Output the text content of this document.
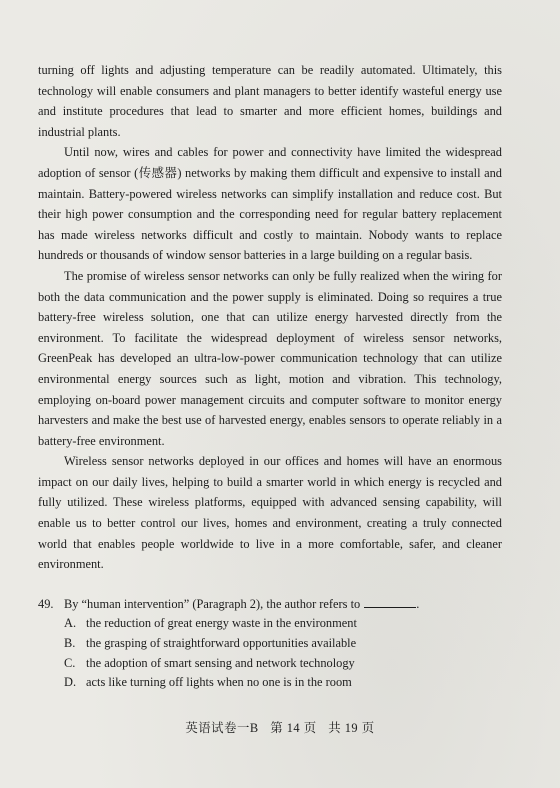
turning off lights and adjusting temperature can be readily automated. Ultimately, this technology will enable consumers and plant managers to better identify wasteful energy use and institute procedures that lead to smarter and more efficient homes, buildings and industrial plants.

Until now, wires and cables for power and connectivity have limited the widespread adoption of sensor (传感器) networks by making them difficult and expensive to install and maintain. Battery-powered wireless networks can simplify installation and reduce cost. But their high power consumption and the corresponding need for regular battery replacement has made wireless networks difficult and costly to maintain. Nobody wants to replace hundreds or thousands of window sensor batteries in a large building on a regular basis.

The promise of wireless sensor networks can only be fully realized when the wiring for both the data communication and the power supply is eliminated. Doing so requires a true battery-free wireless solution, one that can utilize energy harvested directly from the environment. To facilitate the widespread deployment of wireless sensor networks, GreenPeak has developed an ultra-low-power communication technology that can utilize environmental energy sources such as light, motion and vibration. This technology, employing on-board power management circuits and computer software to monitor energy harvesters and make the best use of harvested energy, enables sensors to operate reliably in a battery-free environment.

Wireless sensor networks deployed in our offices and homes will have an enormous impact on our daily lives, helping to build a smarter world in which energy is recycled and fully utilized. These wireless platforms, equipped with advanced sensing capability, will enable us to better control our lives, homes and environment, creating a truly connected world that enables people worldwide to live in a more comfortable, safer, and cleaner environment.

49. By “human intervention” (Paragraph 2), the author refers to	.
A. the reduction of great energy waste in the environment
B. the grasping of straightforward opportunities available
C. the adoption of smart sensing and network technology
D. acts like turning off lights when no one is in the room
英语试卷一B 第 14 页 共 19 页
